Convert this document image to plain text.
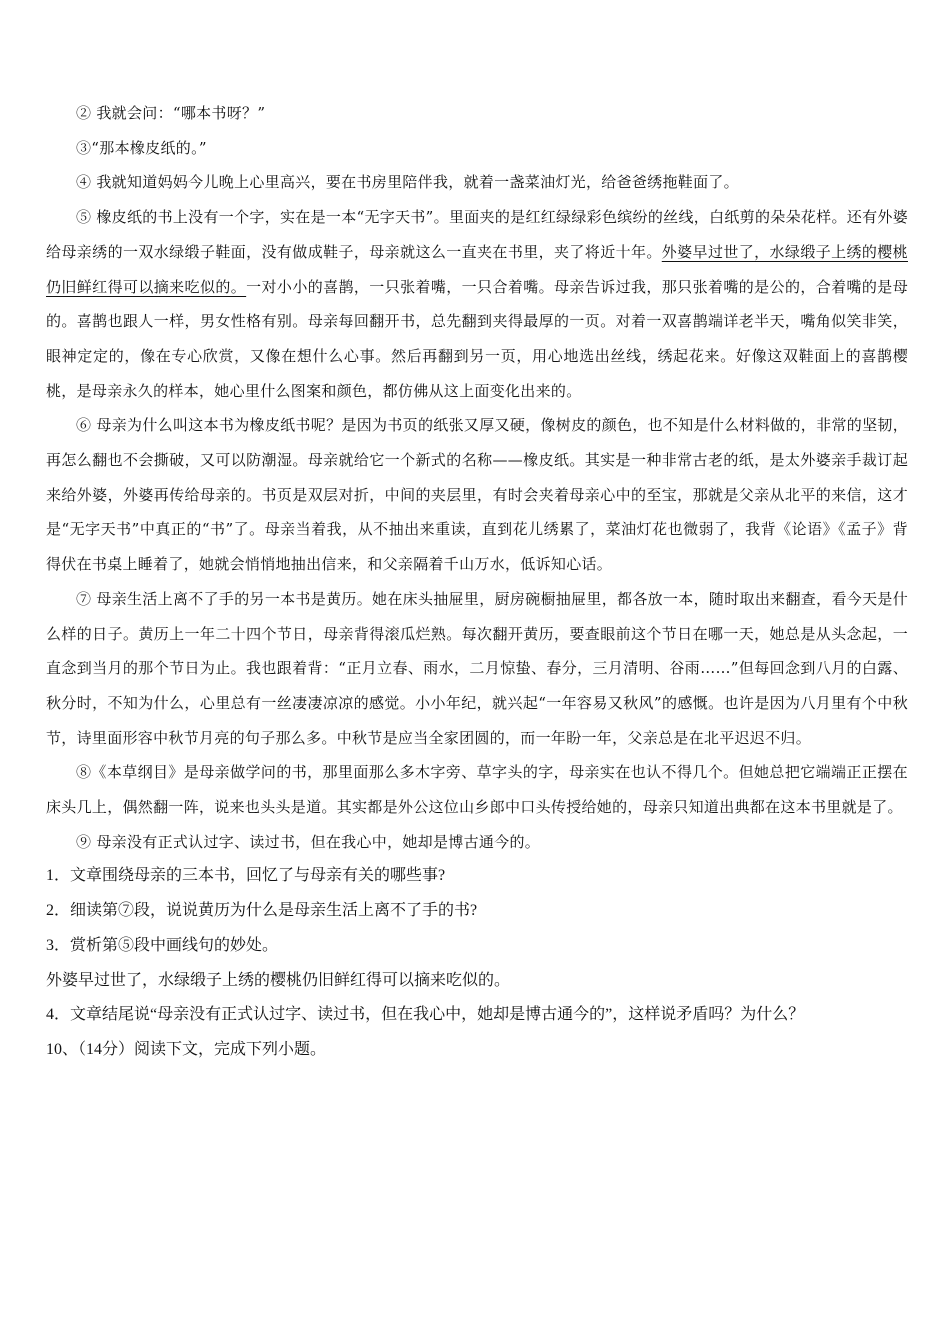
② 我就会问：“哪本书呀？”

③“那本橡皮纸的。”

④ 我就知道妈妈今儿晚上心里高兴，要在书房里陪伴我，就着一盏菜油灯光，给爸爸绣拖鞋面了。

⑤ 橡皮纸的书上没有一个字，实在是一本“无字天书”。里面夹的是红红绿绿彩色缤纷的丝线，白纸剪的朵朵花样。还有外婆给母亲绣的一双水绿缎子鞋面，没有做成鞋子，母亲就这么一直夹在书里，夹了将近十年。外婆早过世了，水绿缎子上绣的樱桃仍旧鲜红得可以摘来吃似的。一对小小的喜鹊，一只张着嘴，一只合着嘴。母亲告诉过我，那只张着嘴的是公的，合着嘴的是母的。喜鹊也跟人一样，男女性格有别。母亲每回翻开书，总先翻到夹得最厚的一页。对着一双喜鹊端详老半天，嘴角似笑非笑，眼神定定的，像在专心欣赏，又像在想什么心事。然后再翻到另一页，用心地选出丝线，绣起花来。好像这双鞋面上的喜鹊樱桃，是母亲永久的样本，她心里什么图案和颜色，都仿佛从这上面变化出来的。

⑥ 母亲为什么叫这本书为橡皮纸书呢？是因为书页的纸张又厚又硬，像树皮的颜色，也不知是什么材料做的，非常的坚韧，再怎么翻也不会撕破，又可以防潮湿。母亲就给它一个新式的名称——橡皮纸。其实是一种非常古老的纸，是太外婆亲手裁订起来给外婆，外婆再传给母亲的。书页是双层对折，中间的夹层里，有时会夹着母亲心中的至宝，那就是父亲从北平的来信，这才是“无字天书”中真正的“书”了。母亲当着我，从不抽出来重读，直到花儿绣累了，菜油灯花也微弱了，我背《论语》《孟子》背得伏在书桌上睡着了，她就会悄悄地抽出信来，和父亲隔着千山万水，低诉知心话。

⑦ 母亲生活上离不了手的另一本书是黄历。她在床头抽屉里，厨房碗橱抽屉里，都各放一本，随时取出来翻查，看今天是什么样的日子。黄历上一年二十四个节日，母亲背得滚瓜烂熟。每次翻开黄历，要查眼前这个节日在哪一天，她总是从头念起，一直念到当月的那个节日为止。我也跟着背：“正月立春、雨水，二月惊蛰、春分，三月清明、谷雨……”但每回念到八月的白露、秋分时，不知为什么，心里总有一丝凄凄凉凉的感觉。小小年纪，就兴起“一年容易又秋风”的感慨。也许是因为八月里有个中秋节，诗里面形容中秋节月亮的句子那么多。中秋节是应当全家团圆的，而一年盼一年，父亲总是在北平迟迟不归。

⑧《本草纲目》是母亲做学问的书，那里面那么多木字旁、草字头的字，母亲实在也认不得几个。但她总把它端端正正摆在床头几上，偶然翻一阵，说来也头头是道。其实都是外公这位山乡郎中口头传授给她的，母亲只知道出典都在这本书里就是了。

⑨ 母亲没有正式认过字、读过书，但在我心中，她却是博古通今的。

1．文章围绕母亲的三本书，回忆了与母亲有关的哪些事?

2．细读第⑦段，说说黄历为什么是母亲生活上离不了手的书?

3．赏析第⑤段中画线句的妙处。

外婆早过世了，水绿缎子上绣的樱桃仍旧鲜红得可以摘来吃似的。

4．文章结尾说“母亲没有正式认过字、读过书，但在我心中，她却是博古通今的”，这样说矛盾吗？为什么？

10、（14分）阅读下文，完成下列小题。
